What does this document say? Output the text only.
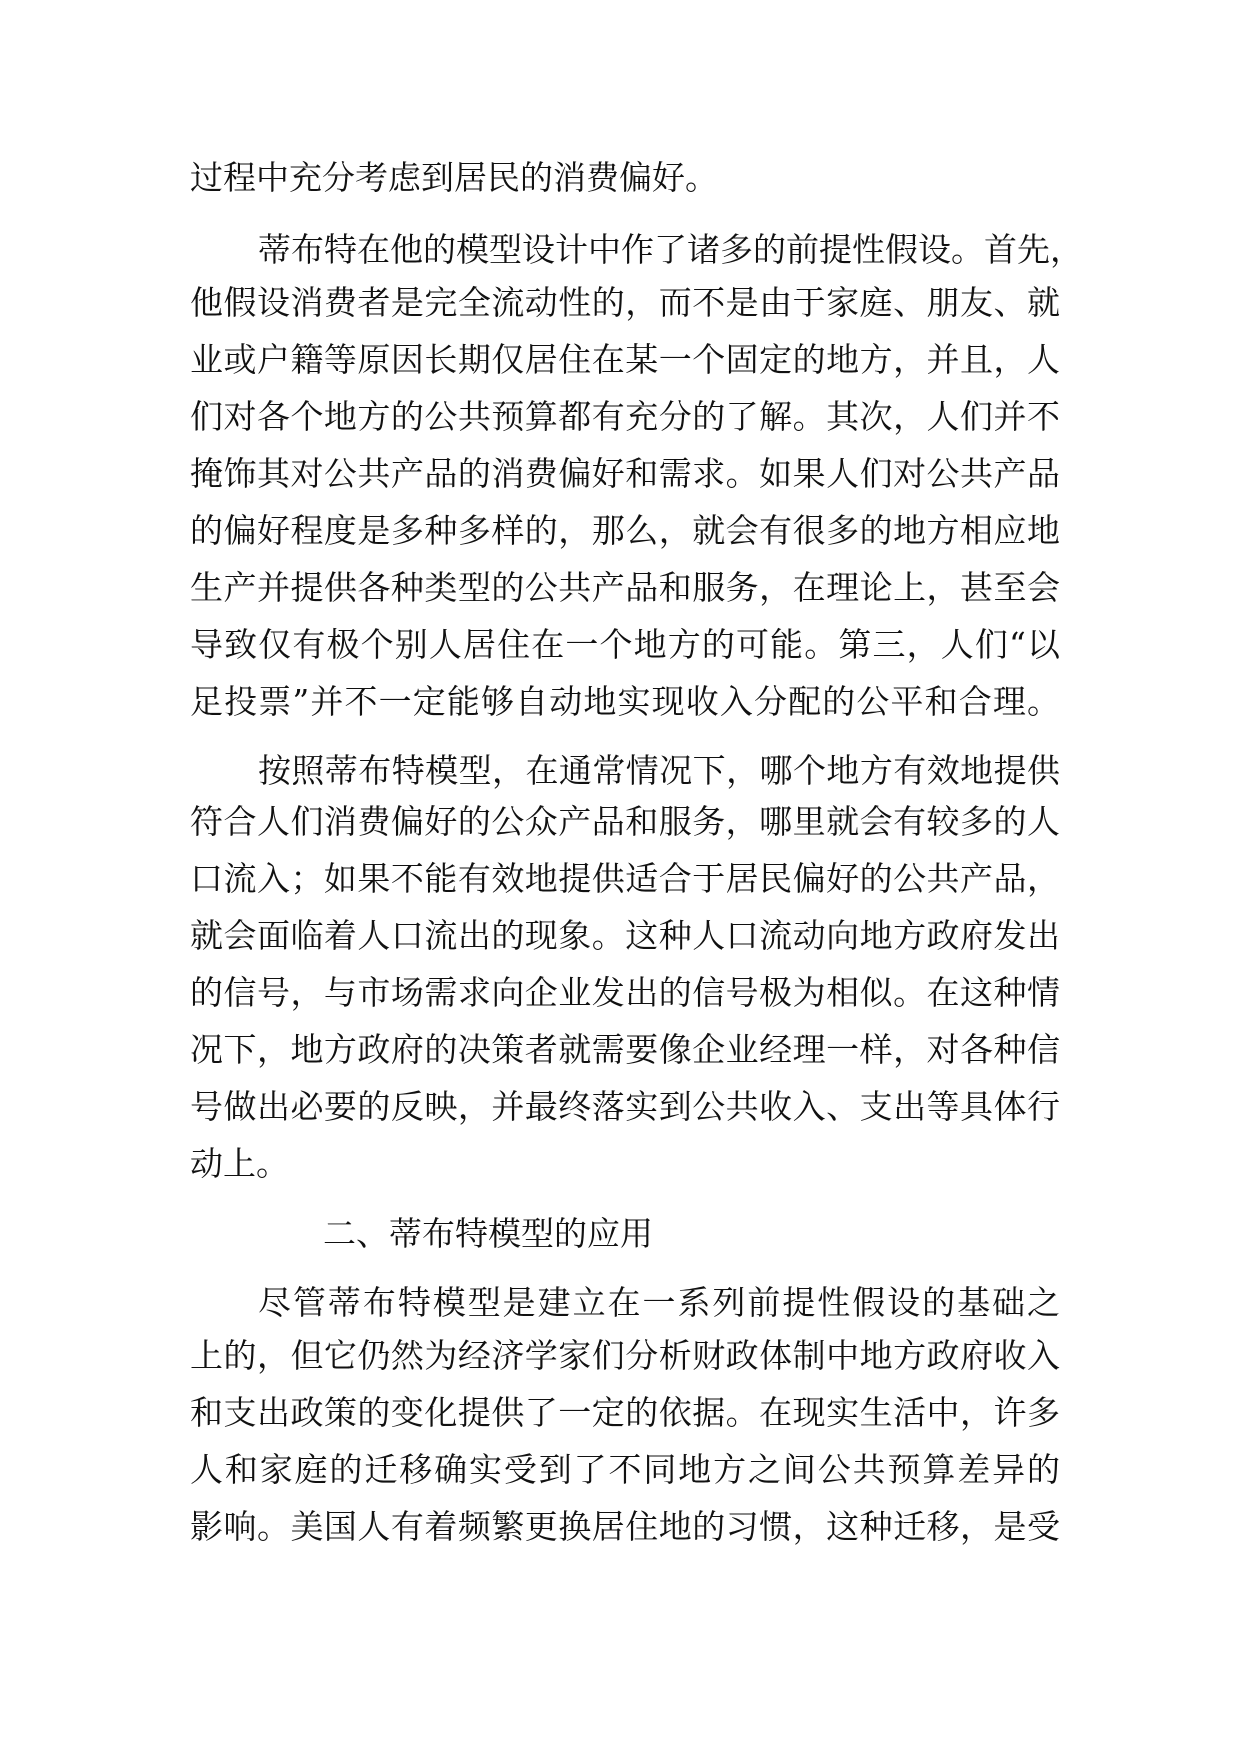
过程中充分考虑到居民的消费偏好。
蒂布特在他的模型设计中作了诸多的前提性假设。首先，
他假设消费者是完全流动性的，而不是由于家庭、朋友、就
业或户籍等原因长期仅居住在某一个固定的地方，并且，人
们对各个地方的公共预算都有充分的了解。其次，人们并不
掩饰其对公共产品的消费偏好和需求。如果人们对公共产品
的偏好程度是多种多样的，那么，就会有很多的地方相应地
生产并提供各种类型的公共产品和服务，在理论上，甚至会
导致仅有极个别人居住在一个地方的可能。第三，人们“以
足投票”并不一定能够自动地实现收入分配的公平和合理。
按照蒂布特模型，在通常情况下，哪个地方有效地提供
符合人们消费偏好的公众产品和服务，哪里就会有较多的人
口流入；如果不能有效地提供适合于居民偏好的公共产品，
就会面临着人口流出的现象。这种人口流动向地方政府发出
的信号，与市场需求向企业发出的信号极为相似。在这种情
况下，地方政府的决策者就需要像企业经理一样，对各种信
号做出必要的反映，并最终落实到公共收入、支出等具体行
动上。
二、蒂布特模型的应用
尽管蒂布特模型是建立在一系列前提性假设的基础之
上的，但它仍然为经济学家们分析财政体制中地方政府收入
和支出政策的变化提供了一定的依据。在现实生活中，许多
人和家庭的迁移确实受到了不同地方之间公共预算差异的
影响。美国人有着频繁更换居住地的习惯，这种迁移，是受
